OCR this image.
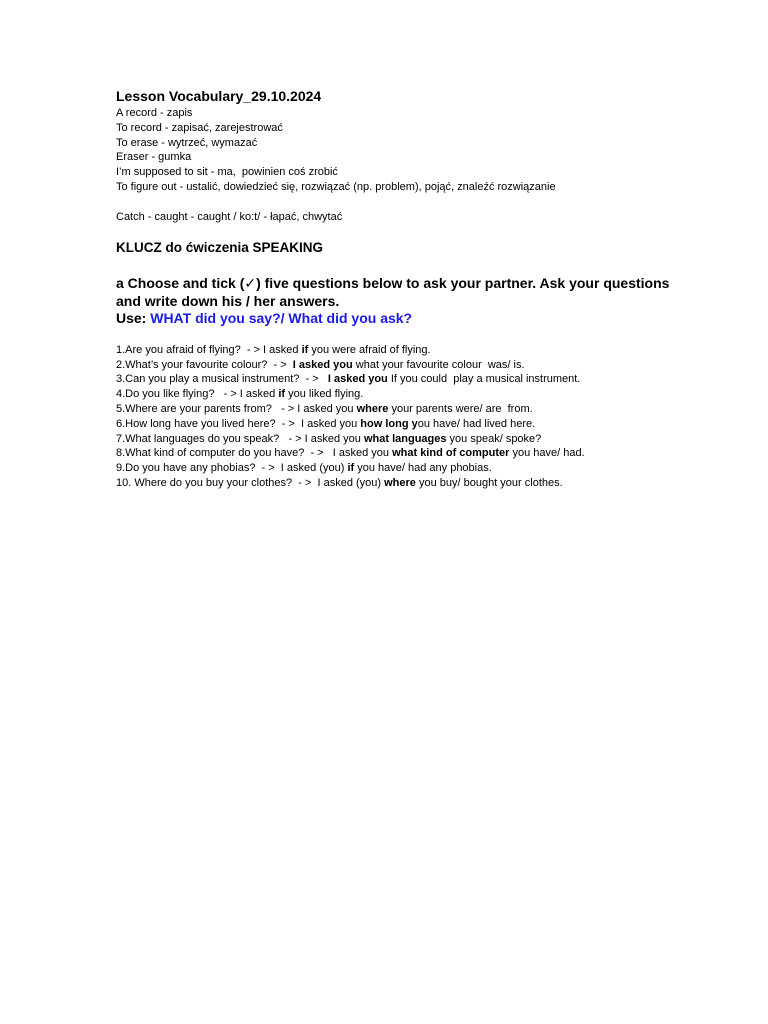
Lesson Vocabulary_29.10.2024

A record - zapis

To record - zapisać, zarejestrować

To erase - wytrzeć, wymazać

Eraser - gumka

I’m supposed to sit - ma,  powinien coś zrobić

To figure out - ustalić, dowiedzieć się, rozwiązać (np. problem), pojąć, znaleźć rozwiązanie

Catch - caught - caught / ko:t/ - łapać, chwytać

KLUCZ do ćwiczenia SPEAKING

a Choose and tick (✓) five questions below to ask your partner. Ask your questions

and write down his / her answers.

Use: WHAT did you say?/ What did you ask?

1.Are you afraid of flying?  - > I asked if you were afraid of flying.

2.What’s your favourite colour?  - >  I asked you what your favourite colour  was/ is.

3.Can you play a musical instrument?  - >   I asked you If you could  play a musical instrument.

4.Do you like flying?   - > I asked if you liked flying.

5.Where are your parents from?   - > I asked you where your parents were/ are  from.

6.How long have you lived here?  - >  I asked you how long you have/ had lived here.

7.What languages do you speak?   - > I asked you what languages you speak/ spoke?

8.What kind of computer do you have?  - >   I asked you what kind of computer you have/ had.

9.Do you have any phobias?  - >  I asked (you) if you have/ had any phobias.

10. Where do you buy your clothes?  - >  I asked (you) where you buy/ bought your clothes.
